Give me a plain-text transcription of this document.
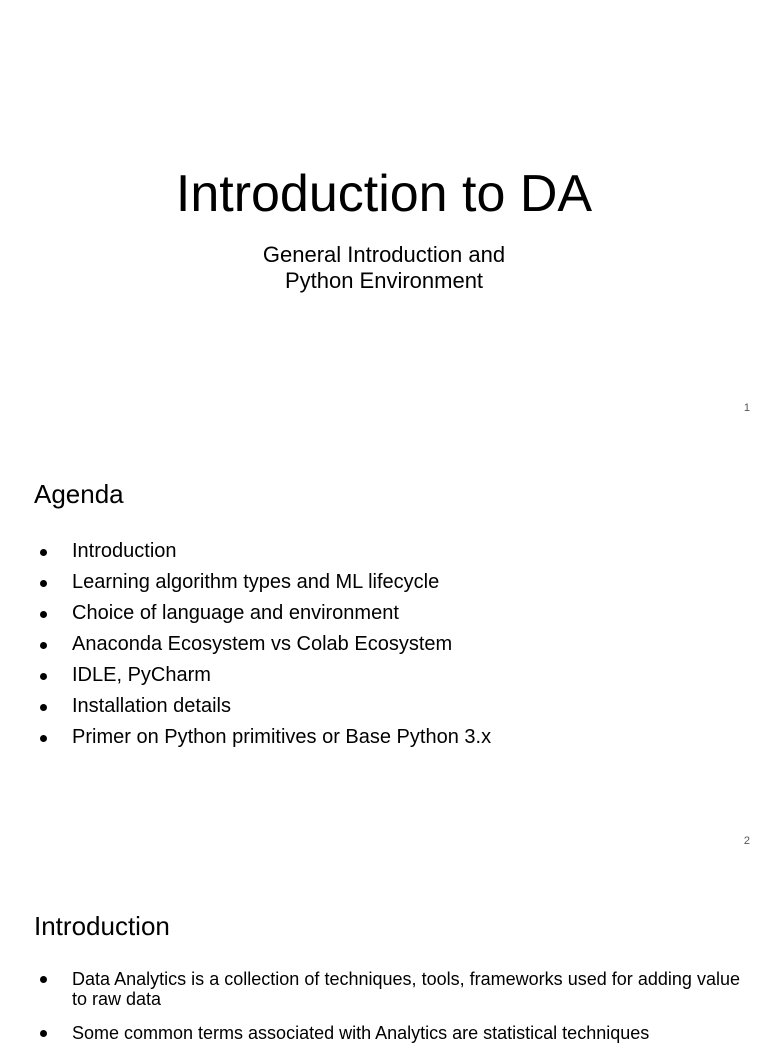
Introduction to DA
General Introduction and
Python Environment
1
Agenda
Introduction
Learning algorithm types and ML lifecycle
Choice of language and environment
Anaconda Ecosystem vs Colab Ecosystem
IDLE, PyCharm
Installation details
Primer on Python primitives or Base Python 3.x
2
Introduction
Data Analytics is a collection of techniques, tools, frameworks used for adding value to raw data
Some common terms associated with Analytics are statistical techniques
